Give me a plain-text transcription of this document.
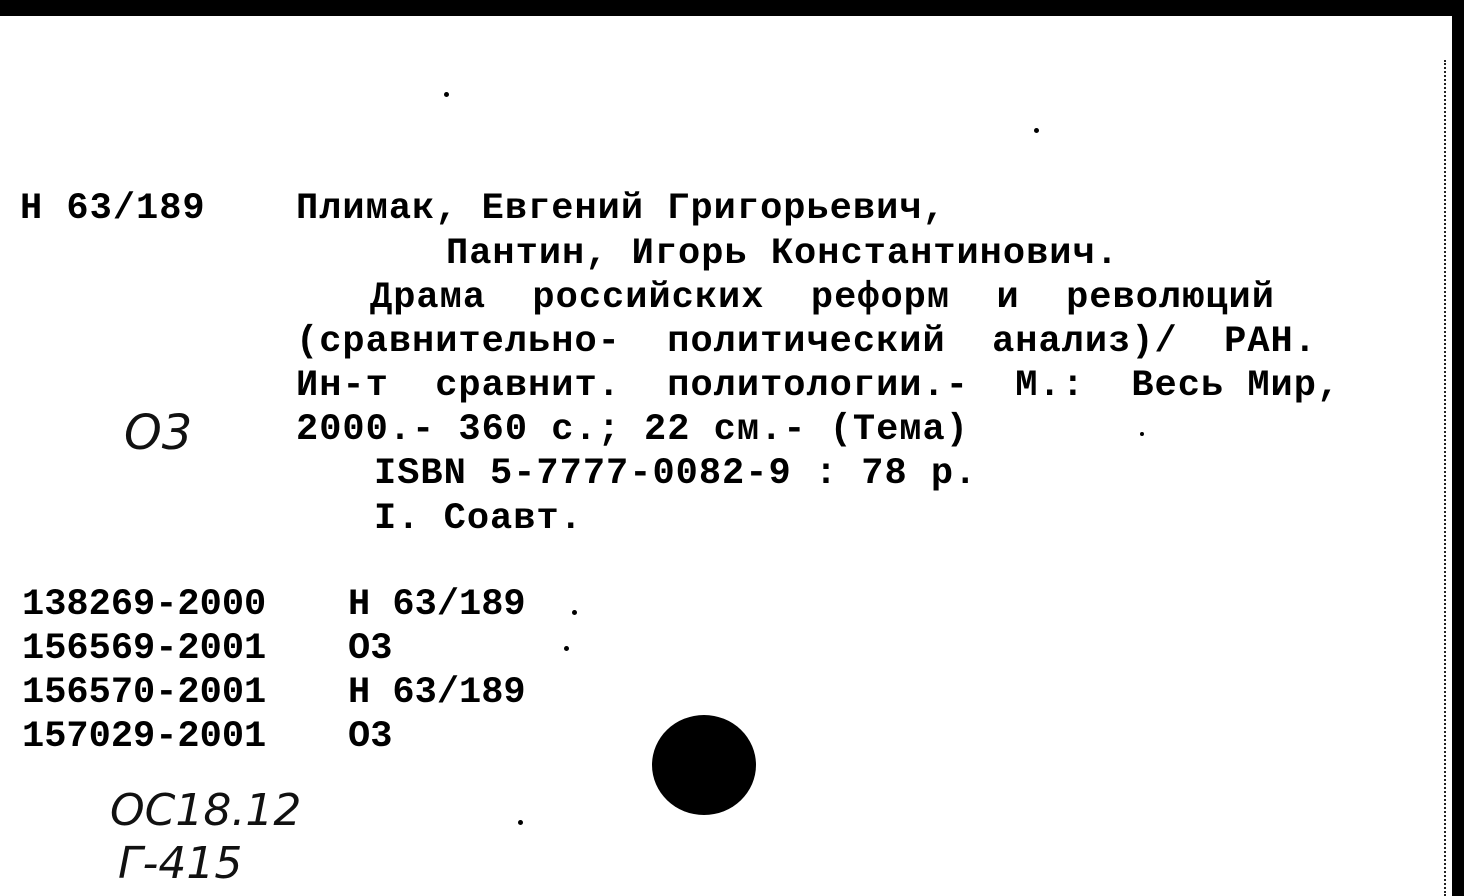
Н 63/189 Плимак, Евгений Григорьевич,
Пантин, Игорь Константинович.
Драма  российских  реформ  и  революций
(сравнительно-  политический  анализ)/  РАН.
Ин-т  сравнит.  политологии.-  М.:  Весь Мир,
2000.- 360 с.; 22 см.- (Тема)
ISBN 5-7777-0082-9 : 78 р.
I. Соавт.
О3
138269-2000 Н 63/189
156569-2001 О3
156570-2001 Н 63/189
157029-2001 О3
ОС18.12
Г-415
